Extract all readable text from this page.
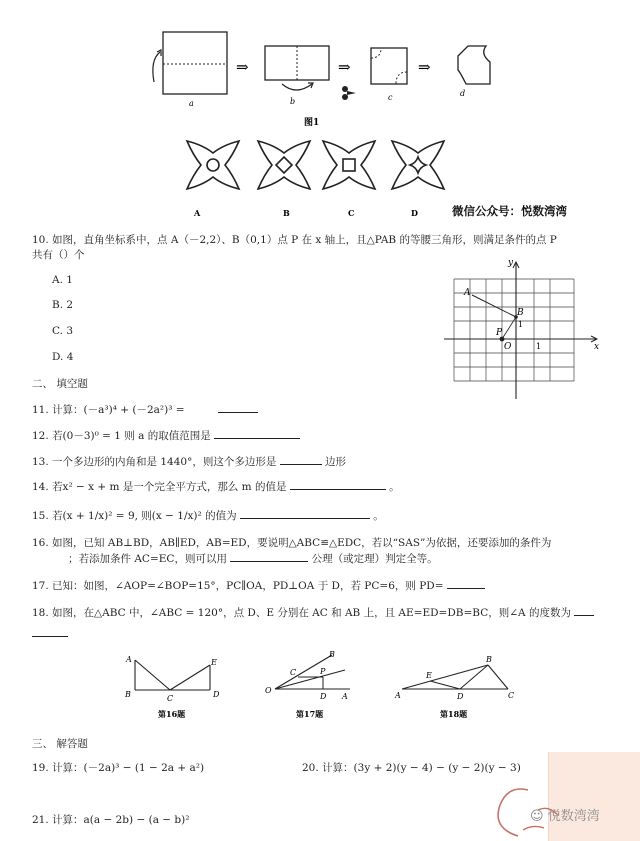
⇒	⇒	⇒
a	b	c	d
图1
A	B	C	D	微信公众号：悦数湾湾
10. 如图，直角坐标系中，点 A（－2,2）、B（0,1）点 P 在 x 轴上，且△PAB 的等腰三角形，则满足条件的点 P
共有（）个
A. 1
B. 2
C. 3
D. 4
y
x
A
B
P
O	1
1
二、 填空题
11. 计算：(－a³)⁴ + (－2a²)³ =
12. 若(0－3)⁰ = 1 则 a 的取值范围是
13. 一个多边形的内角和是 1440°，则这个多边形是	边形
14. 若x² − x + m 是一个完全平方式，那么 m 的值是	。
15. 若(x + 1/x)² = 9, 则(x − 1/x)² 的值为	。
16. 如图，已知 AB⊥BD，AB∥ED，AB=ED，要说明△ABC≌△EDC，若以“SAS”为依据，还要添加的条件为
；若添加条件 AC=EC，则可以用	公理（或定理）判定全等。
17. 已知：如图，∠AOP=∠BOP=15°，PC∥OA，PD⊥OA 于 D，若 PC=6，则 PD=
18. 如图，在△ABC 中，∠ABC = 120°，点 D、E 分别在 AC 和 AB 上，且 AE=ED=DB=BC，则∠A 的度数为
A
B	C	D
E
O
C	P
B
D A	A
E
D
B
C
第16题	第17题	第18题
三、 解答题
19. 计算：(－2a)³ − (1 − 2a + a²)	20. 计算：(3y + 2)(y − 4) − (y − 2)(y − 3)
21. 计算：a(a − 2b) − (a − b)²	☺ 悦数湾湾
